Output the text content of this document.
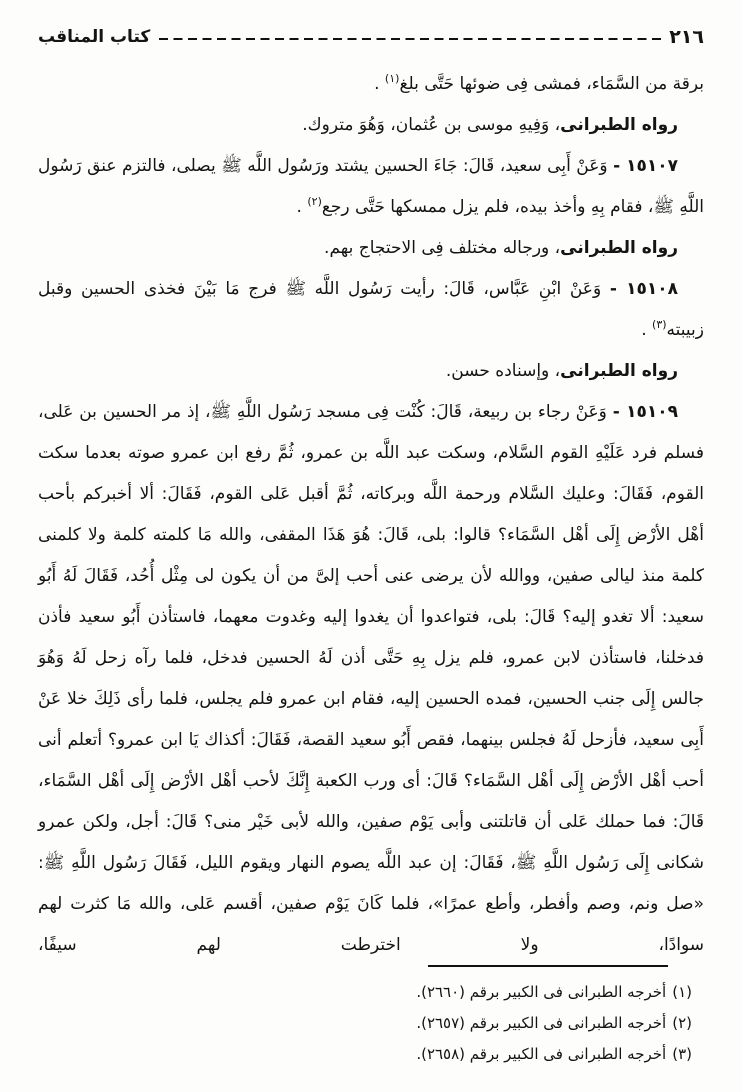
٢١٦
كتاب المناقب

برقة من السَّمَاء، فمشى فِى ضوئها حَتَّى بلغ$^{(١)}$ .

رواه الطبرانى، وَفِيهِ موسى بن عُثمان، وَهُوَ متروك.

١٥١٠٧ - وَعَنْ أَبِى سعيد، قَالَ: جَاءَ الحسين يشتد ورَسُول اللَّه ﷺ يصلى، فالتزم عنق رَسُول اللَّهِ ﷺ، فقام بِهِ وأخذ بيده، فلم يزل ممسكها حَتَّى رجع$^{(٢)}$ .

رواه الطبرانى، ورجاله مختلف فِى الاحتجاج بهم.

١٥١٠٨ - وَعَنْ ابْنِ عَبَّاس، قَالَ: رأيت رَسُول اللَّه ﷺ فرج مَا بَيْنَ فخذى الحسين وقبل زبيبته$^{(٣)}$ .

رواه الطبرانى، وإسناده حسن.

١٥١٠٩ - وَعَنْ رجاء بن ربيعة، قَالَ: كُنْت فِى مسجد رَسُول اللَّهِ ﷺ، إذ مر الحسين بن عَلى، فسلم فرد عَلَيْهِ القوم السَّلام، وسكت عبد اللَّه بن عمرو، ثُمَّ رفع ابن عمرو صوته بعدما سكت القوم، فَقَالَ: وعليك السَّلام ورحمة اللَّه وبركاته، ثُمَّ أقبل عَلى القوم، فَقَالَ: ألا أخبركم بأحب أهْل الأرْض إِلَى أهْل السَّمَاء؟ قالوا: بلى، قَالَ: هُوَ هَذَا المقفى، والله مَا كلمته كلمة ولا كلمنى كلمة منذ ليالى صفين، ووالله لأن يرضى عنى أحب إلىَّ من أن يكون لى مِثْل أُحُد، فَقَالَ لَهُ أَبُو سعيد: ألا تغدو إليه؟ قَالَ: بلى، فتواعدوا أن يغدوا إليه وغدوت معهما، فاستأذن أَبُو سعيد فأذن فدخلنا، فاستأذن لابن عمرو، فلم يزل بِهِ حَتَّى أذن لَهُ الحسين فدخل، فلما رآه زحل لَهُ وَهُوَ جالس إِلَى جنب الحسين، فمده الحسين إليه، فقام ابن عمرو فلم يجلس، فلما رأى ذَلِكَ خلا عَنْ أَبِى سعيد، فأزحل لَهُ فجلس بينهما، فقص أَبُو سعيد القصة، فَقَالَ: أكذاك يَا ابن عمرو؟ أتعلم أنى أحب أهْل الأرْض إِلَى أهْل السَّمَاء؟ قَالَ: أى ورب الكعبة إِنَّكَ لأحب أهْل الأرْض إِلَى أهْل السَّمَاء، قَالَ: فما حملك عَلى أن قاتلتنى وأبى يَوْم صفين، والله لأبى خَيْر منى؟ قَالَ: أجل، ولكن عمرو شكانى إِلَى رَسُول اللَّهِ ﷺ، فَقَالَ: إن عبد اللَّه يصوم النهار ويقوم الليل، فَقَالَ رَسُول اللَّهِ ﷺ: «صل ونم، وصم وأفطر، وأطع عمرًا»، فلما كَانَ يَوْم صفين، أقسم عَلى، والله مَا كثرت لهم سوادًا، ولا اخترطت لهم سيفًا،

(١)أخرجه الطبرانى فى الكبير برقم (٢٦٦٠).
(٢)أخرجه الطبرانى فى الكبير برقم (٢٦٥٧).
(٣)أخرجه الطبرانى فى الكبير برقم (٢٦٥٨).
